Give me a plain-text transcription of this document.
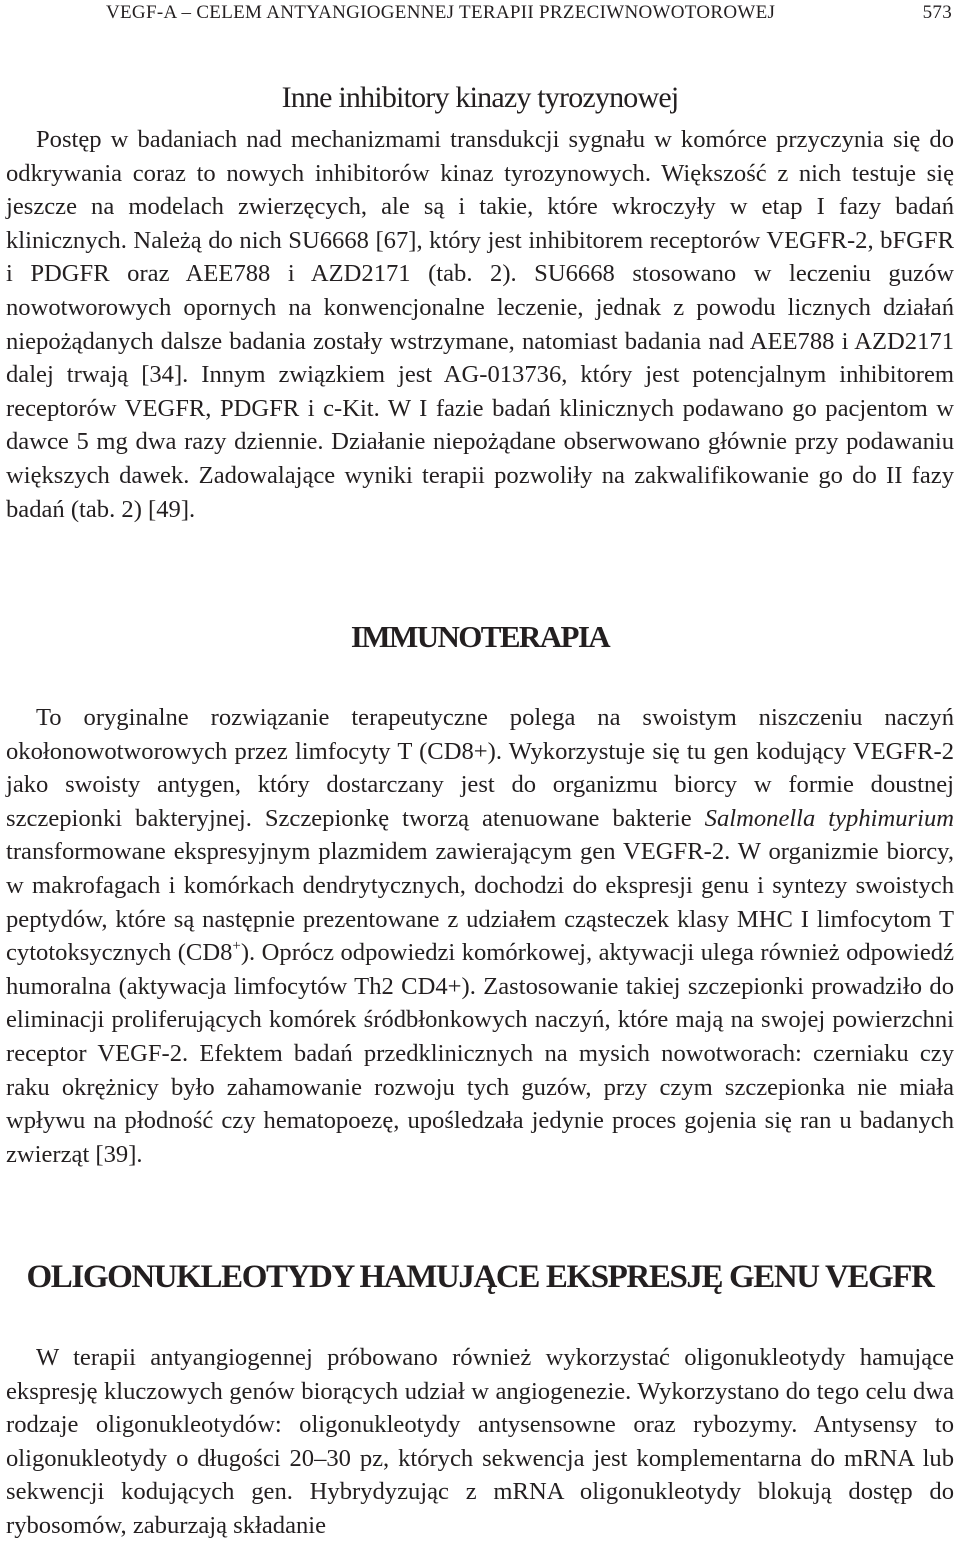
VEGF-A – CELEM ANTYANGIOGENNEJ TERAPII PRZECIWNOWOTOROWEJ	573
Inne inhibitory kinazy tyrozynowej
Postęp w badaniach nad mechanizmami transdukcji sygnału w komórce przyczynia się do odkrywania coraz to nowych inhibitorów kinaz tyrozynowych. Większość z nich testuje się jeszcze na modelach zwierzęcych, ale są i takie, które wkroczyły w etap I fazy badań klinicznych. Należą do nich SU6668 [67], który jest inhibitorem receptorów VEGFR-2, bFGFR i PDGFR oraz AEE788 i AZD2171 (tab. 2). SU6668 stosowano w leczeniu guzów nowotworowych opornych na konwencjonalne leczenie, jednak z powodu licznych działań niepożądanych dalsze badania zostały wstrzymane, natomiast badania nad AEE788 i AZD2171 dalej trwają [34]. Innym związkiem jest AG-013736, który jest potencjalnym inhibitorem receptorów VEGFR, PDGFR i c-Kit. W I fazie badań klinicznych podawano go pacjentom w dawce 5 mg dwa razy dziennie. Działanie niepożądane obserwowano głównie przy podawaniu większych dawek. Zadowalające wyniki terapii pozwoliły na zakwalifikowanie go do II fazy badań (tab. 2) [49].
IMMUNOTERAPIA
To oryginalne rozwiązanie terapeutyczne polega na swoistym niszczeniu naczyń okołonowotworowych przez limfocyty T (CD8+). Wykorzystuje się tu gen kodujący VEGFR-2 jako swoisty antygen, który dostarczany jest do organizmu biorcy w formie doustnej szczepionki bakteryjnej. Szczepionkę tworzą atenuowane bakterie Salmonella typhimurium transformowane ekspresyjnym plazmidem zawierającym gen VEGFR-2. W organizmie biorcy, w makrofagach i komórkach dendrytycznych, dochodzi do ekspresji genu i syntezy swoistych peptydów, które są następnie prezentowane z udziałem cząsteczek klasy MHC I limfocytom T cytotoksycznych (CD8+). Oprócz odpowiedzi komórkowej, aktywacji ulega również odpowiedź humoralna (aktywacja limfocytów Th2 CD4+). Zastosowanie takiej szczepionki prowadziło do eliminacji proliferujących komórek śródbłonkowych naczyń, które mają na swojej powierzchni receptor VEGF-2. Efektem badań przedklinicznych na mysich nowotworach: czerniaku czy raku okrężnicy było zahamowanie rozwoju tych guzów, przy czym szczepionka nie miała wpływu na płodność czy hematopoezę, upośledzała jedynie proces gojenia się ran u badanych zwierząt [39].
OLIGONUKLEOTYDY HAMUJĄCE EKSPRESJĘ GENU VEGFR
W terapii antyangiogennej próbowano również wykorzystać oligonukleotydy hamujące ekspresję kluczowych genów biorących udział w angiogenezie. Wykorzystano do tego celu dwa rodzaje oligonukleotydów: oligonukleotydy antysensowne oraz rybozymy. Antysensy to oligonukleotydy o długości 20–30 pz, których sekwencja jest komplementarna do mRNA lub sekwencji kodujących gen. Hybrydyzując z mRNA oligonukleotydy blokują dostęp do rybosomów, zaburzają składanie
